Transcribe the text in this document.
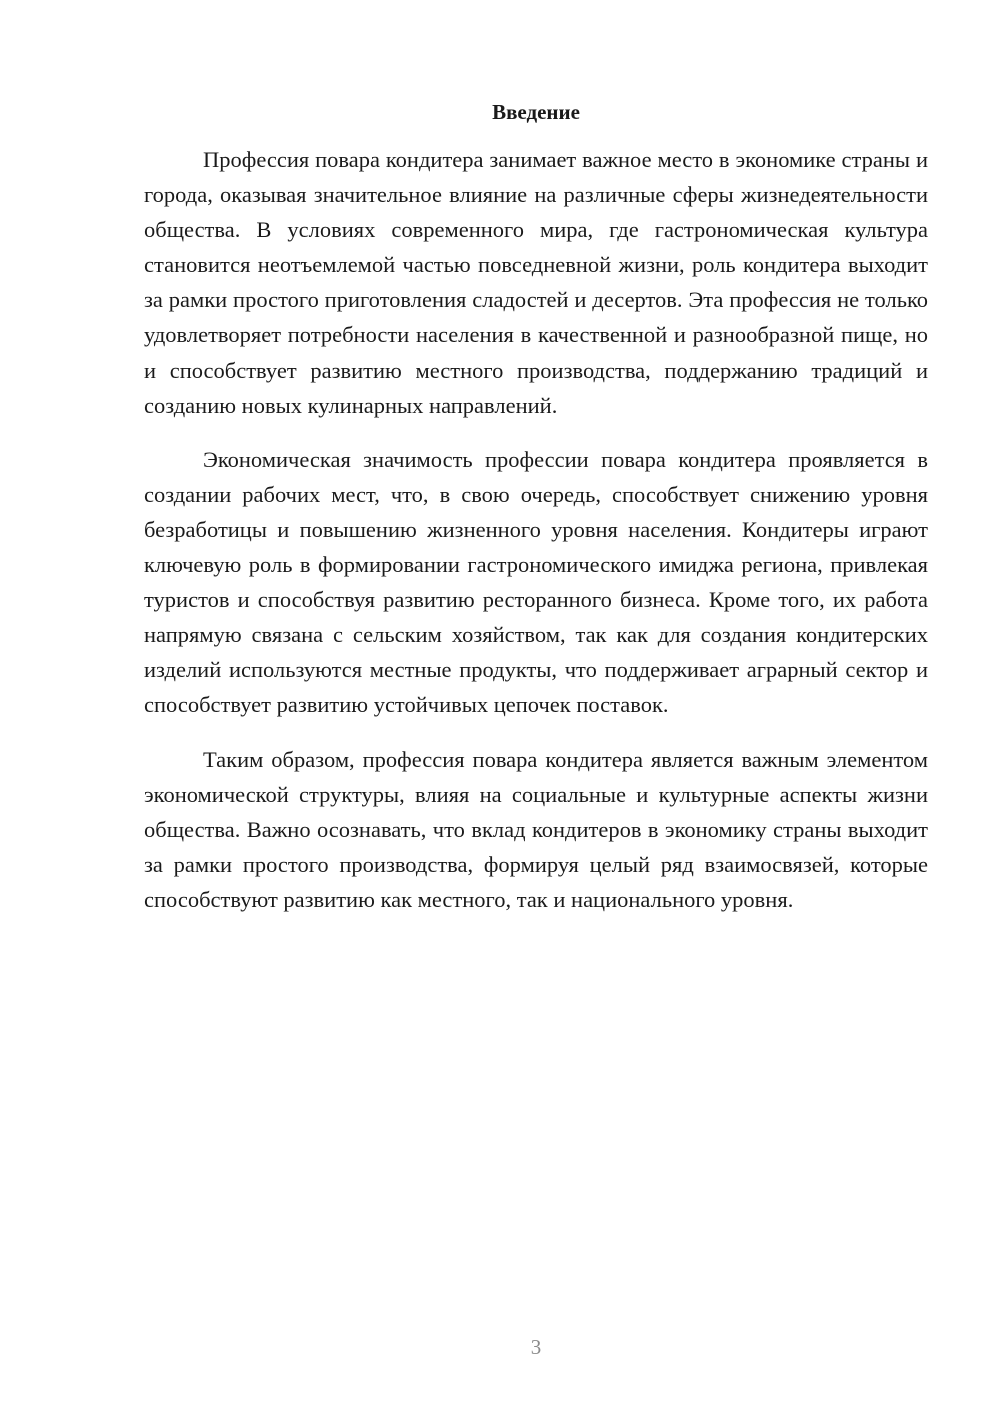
Введение

Профессия повара кондитера занимает важное место в экономике страны и города, оказывая значительное влияние на различные сферы жизнедеятельности общества. В условиях современного мира, где гастрономическая культура становится неотъемлемой частью повседневной жизни, роль кондитера выходит за рамки простого приготовления сладостей и десертов. Эта профессия не только удовлетворяет потребности населения в качественной и разнообразной пище, но и способствует развитию местного производства, поддержанию традиций и созданию новых кулинарных направлений.

Экономическая значимость профессии повара кондитера проявляется в создании рабочих мест, что, в свою очередь, способствует снижению уровня безработицы и повышению жизненного уровня населения. Кондитеры играют ключевую роль в формировании гастрономического имиджа региона, привлекая туристов и способствуя развитию ресторанного бизнеса. Кроме того, их работа напрямую связана с сельским хозяйством, так как для создания кондитерских изделий используются местные продукты, что поддерживает аграрный сектор и способствует развитию устойчивых цепочек поставок.

Таким образом, профессия повара кондитера является важным элементом экономической структуры, влияя на социальные и культурные аспекты жизни общества. Важно осознавать, что вклад кондитеров в экономику страны выходит за рамки простого производства, формируя целый ряд взаимосвязей, которые способствуют развитию как местного, так и национального уровня.

3
